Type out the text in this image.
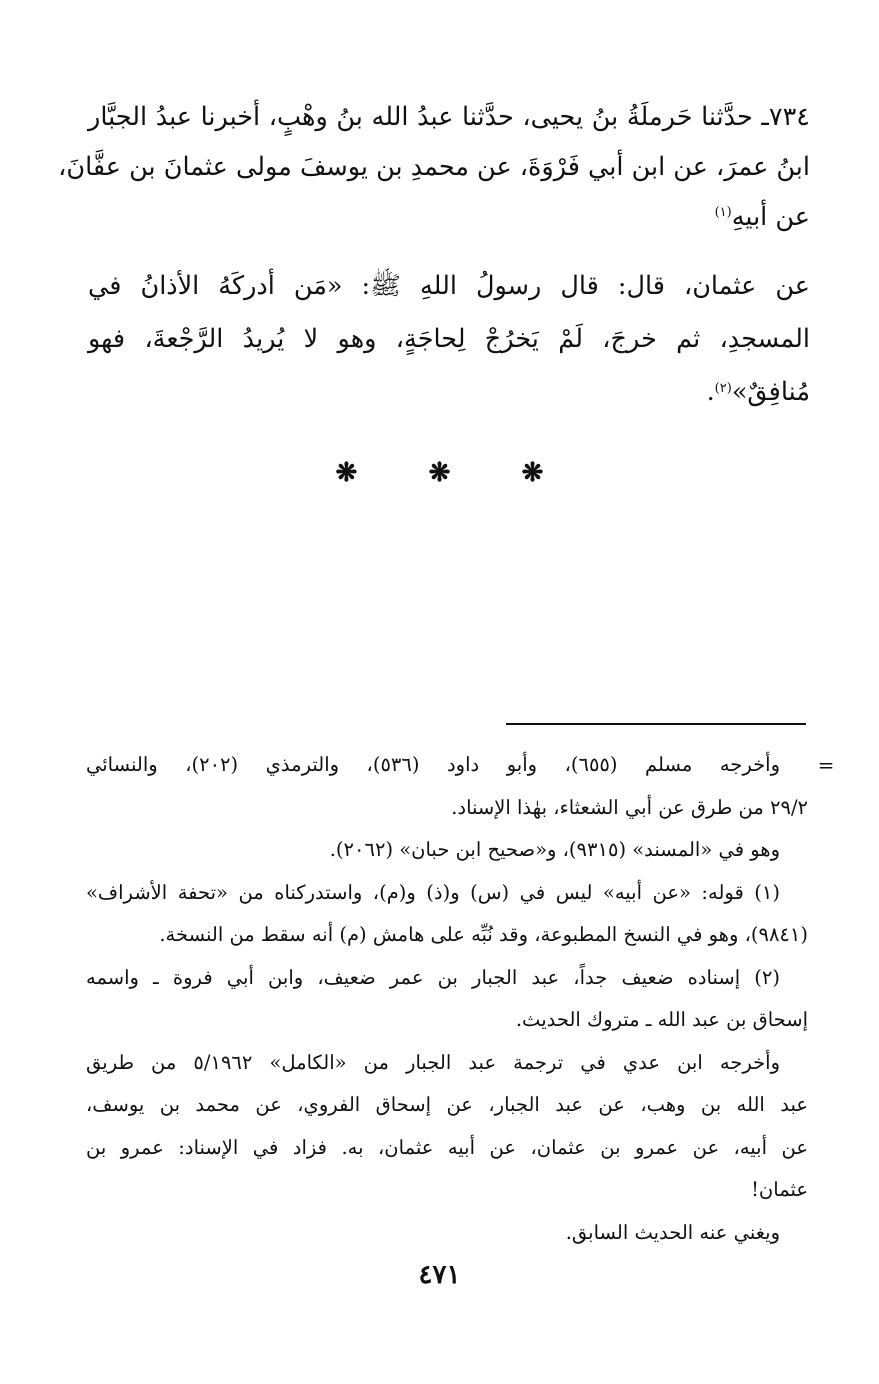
٧٣٤ـ حدَّثنا حَرملَةُ بنُ يحيى، حدَّثنا عبدُ الله بنُ وهْبٍ، أخبرنا عبدُ الجبَّار
ابنُ عمرَ، عن ابن أبي فَرْوَةَ، عن محمدِ بن يوسفَ مولى عثمانَ بن عفَّانَ،
عن أبيهِ$^{(١)}$
عن عثمان، قال: قال رسولُ اللهِ ﷺ: «مَن أدركَهُ الأذانُ في
المسجدِ، ثم خرجَ، لَمْ يَخرُجْ لِحاجَةٍ، وهو لا يُريدُ الرَّجْعةَ، فهو
مُنافِقٌ»$^{(٢)}$.
❋	❋	❋
=
وأخرجه مسلم (٦٥٥)، وأبو داود (٥٣٦)، والترمذي (٢٠٢)، والنسائي
٢٩/٢ من طرق عن أبي الشعثاء، بهٰذا الإسناد.
وهو في «المسند» (٩٣١٥)، و«صحيح ابن حبان» (٢٠٦٢).
(١) قوله: «عن أبيه» ليس في (س) و(ذ) و(م)، واستدركناه من «تحفة الأشراف»
(٩٨٤١)، وهو في النسخ المطبوعة، وقد نُبِّه على هامش (م) أنه سقط من النسخة.
(٢) إسناده ضعيف جداً، عبد الجبار بن عمر ضعيف، وابن أبي فروة ـ واسمه
إسحاق بن عبد الله ـ متروك الحديث.
وأخرجه ابن عدي في ترجمة عبد الجبار من «الكامل» ٥/١٩٦٢ من طريق
عبد الله بن وهب، عن عبد الجبار، عن إسحاق الفروي، عن محمد بن يوسف،
عن أبيه، عن عمرو بن عثمان، عن أبيه عثمان، به. فزاد في الإسناد: عمرو بن
عثمان!
ويغني عنه الحديث السابق.
٤٧١
